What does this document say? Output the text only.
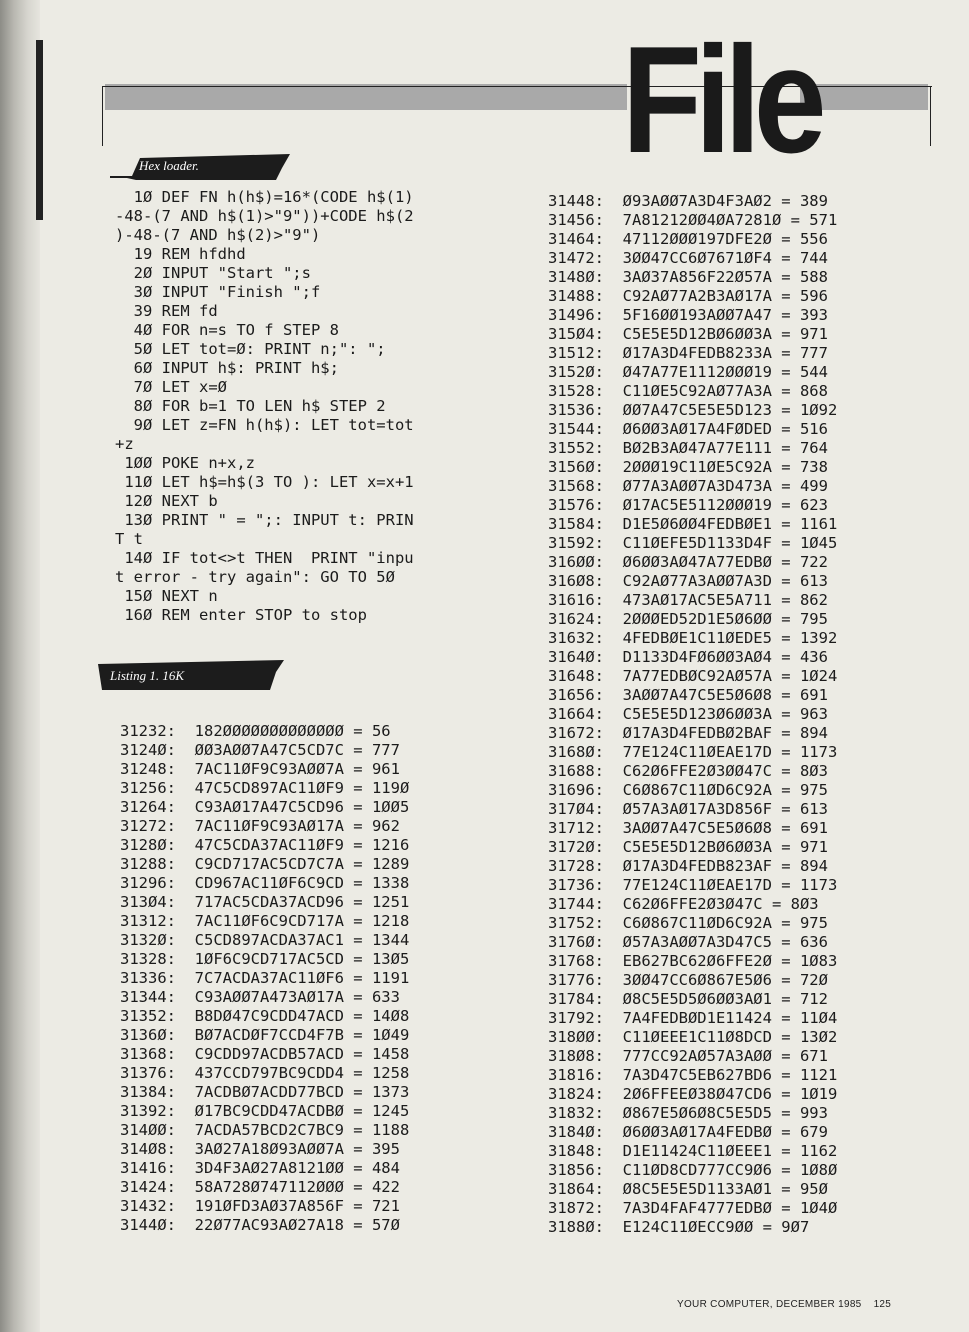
File
Hex loader.
1Ø DEF FN h(h$)=16*(CODE h$(1)
-48-(7 AND h$(1)>"9"))+CODE h$(2
)-48-(7 AND h$(2)>"9")
19 REM hfdhd
2Ø INPUT "Start ";s
3Ø INPUT "Finish ";f
39 REM fd
4Ø FOR n=s TO f STEP 8
5Ø LET tot=Ø: PRINT n;": ";
6Ø INPUT h$: PRINT h$;
7Ø LET x=Ø
8Ø FOR b=1 TO LEN h$ STEP 2
9Ø LET z=FN h(h$): LET tot=tot
+z
1ØØ POKE n+x,z
11Ø LET h$=h$(3 TO ): LET x=x+1
12Ø NEXT b
13Ø PRINT " = ";: INPUT t: PRIN
T t
14Ø IF tot<>t THEN  PRINT "inpu
t error - try again": GO TO 5Ø
15Ø NEXT n
16Ø REM enter STOP to stop
Listing 1. 16K
31232:  182ØØØØØØØØØØØØØ = 56
3124Ø:  ØØ3AØØ7A47C5CD7C = 777
31248:  7AC11ØF9C93AØØ7A = 961
31256:  47C5CD897AC11ØF9 = 119Ø
31264:  C93AØ17A47C5CD96 = 1ØØ5
31272:  7AC11ØF9C93AØ17A = 962
3128Ø:  47C5CDA37AC11ØF9 = 1216
31288:  C9CD717AC5CD7C7A = 1289
31296:  CD967AC11ØF6C9CD = 1338
313Ø4:  717AC5CDA37ACD96 = 1251
31312:  7AC11ØF6C9CD717A = 1218
3132Ø:  C5CD897ACDA37AC1 = 1344
31328:  1ØF6C9CD717AC5CD = 13Ø5
31336:  7C7ACDA37AC11ØF6 = 1191
31344:  C93AØØ7A473AØ17A = 633
31352:  B8DØ47C9CDD47ACD = 14Ø8
3136Ø:  BØ7ACDØF7CCD4F7B = 1Ø49
31368:  C9CDD97ACDB57ACD = 1458
31376:  437CCD797BC9CDD4 = 1258
31384:  7ACDBØ7ACDD77BCD = 1373
31392:  Ø17BC9CDD47ACDBØ = 1245
314ØØ:  7ACDA57BCD2C7BC9 = 1188
314Ø8:  3AØ27A18Ø93AØØ7A = 395
31416:  3D4F3AØ27A8121ØØ = 484
31424:  58A728Ø747112ØØØ = 422
31432:  191ØFD3AØ37A856F = 721
3144Ø:  22Ø77AC93AØ27A18 = 57Ø
31448:  Ø93AØØ7A3D4F3AØ2 = 389
31456:  7A81212ØØ4ØA7281Ø = 571
31464:  47112ØØØ197DFE2Ø = 556
31472:  3ØØ47CC6Ø7671ØF4 = 744
3148Ø:  3AØ37A856F22Ø57A = 588
31488:  C92AØ77A2B3AØ17A = 596
31496:  5F16ØØ193AØØ7A47 = 393
315Ø4:  C5E5E5D12BØ6ØØ3A = 971
31512:  Ø17A3D4FEDB8233A = 777
3152Ø:  Ø47A77E1112ØØØ19 = 544
31528:  C11ØE5C92AØ77A3A = 868
31536:  ØØ7A47C5E5E5D123 = 1Ø92
31544:  Ø6ØØ3AØ17A4FØDED = 516
31552:  BØ2B3AØ47A77E111 = 764
3156Ø:  2ØØØ19C11ØE5C92A = 738
31568:  Ø77A3AØØ7A3D473A = 499
31576:  Ø17AC5E5112ØØØ19 = 623
31584:  D1E5Ø6ØØ4FEDBØE1 = 1161
31592:  C11ØEFE5D1133D4F = 1Ø45
316ØØ:  Ø6ØØ3AØ47A77EDBØ = 722
316Ø8:  C92AØ77A3AØØ7A3D = 613
31616:  473AØ17AC5E5A711 = 862
31624:  2ØØØED52D1E5Ø6ØØ = 795
31632:  4FEDBØE1C11ØEDE5 = 1392
3164Ø:  D1133D4FØ6ØØ3AØ4 = 436
31648:  7A77EDBØC92AØ57A = 1Ø24
31656:  3AØØ7A47C5E5Ø6Ø8 = 691
31664:  C5E5E5D123Ø6ØØ3A = 963
31672:  Ø17A3D4FEDBØ2BAF = 894
3168Ø:  77E124C11ØEAE17D = 1173
31688:  C62Ø6FFE2Ø3ØØ47C = 8Ø3
31696:  C6Ø867C11ØD6C92A = 975
317Ø4:  Ø57A3AØ17A3D856F = 613
31712:  3AØØ7A47C5E5Ø6Ø8 = 691
3172Ø:  C5E5E5D12BØ6ØØ3A = 971
31728:  Ø17A3D4FEDB823AF = 894
31736:  77E124C11ØEAE17D = 1173
31744:  C62Ø6FFE2Ø3Ø47C = 8Ø3
31752:  C6Ø867C11ØD6C92A = 975
3176Ø:  Ø57A3AØØ7A3D47C5 = 636
31768:  EB627BC62Ø6FFE2Ø = 1Ø83
31776:  3ØØ47CC6Ø867E5Ø6 = 72Ø
31784:  Ø8C5E5D5Ø6ØØ3AØ1 = 712
31792:  7A4FEDBØD1E11424 = 11Ø4
318ØØ:  C11ØEEE1C11Ø8DCD = 13Ø2
318Ø8:  777CC92AØ57A3AØØ = 671
31816:  7A3D47C5EB627BD6 = 1121
31824:  2Ø6FFEEØ38Ø47CD6 = 1Ø19
31832:  Ø867E5Ø6Ø8C5E5D5 = 993
3184Ø:  Ø6ØØ3AØ17A4FEDBØ = 679
31848:  D1E11424C11ØEEE1 = 1162
31856:  C11ØD8CD777CC9Ø6 = 1Ø8Ø
31864:  Ø8C5E5E5D1133AØ1 = 95Ø
31872:  7A3D4FAF4777EDBØ = 1Ø4Ø
3188Ø:  E124C11ØECC9ØØ = 9Ø7
YOUR COMPUTER, DECEMBER 1985 125
